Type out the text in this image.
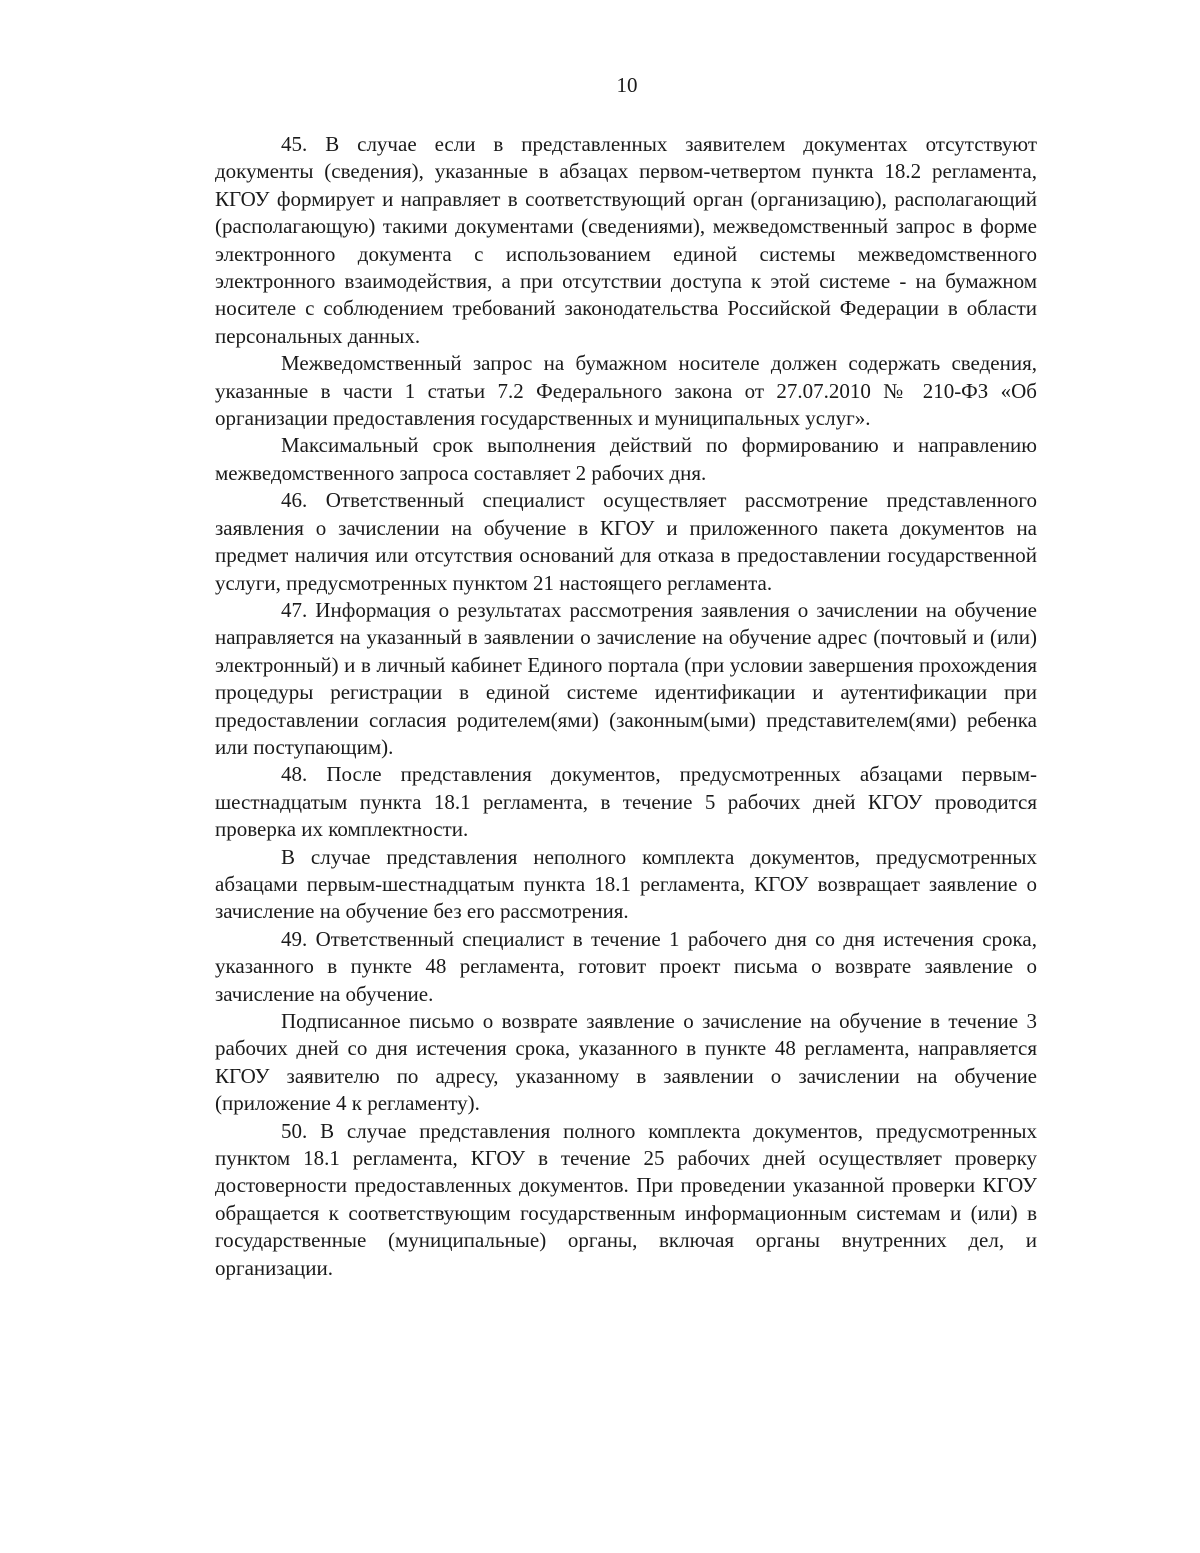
10

45. В случае если в представленных заявителем документах отсутствуют документы (сведения), указанные в абзацах первом-четвертом пункта 18.2 регламента, КГОУ формирует и направляет в соответствующий орган (организацию), располагающий (располагающую) такими документами (сведениями), межведомственный запрос в форме электронного документа с использованием единой системы межведомственного электронного взаимодействия, а при отсутствии доступа к этой системе - на бумажном носителе с соблюдением требований законодательства Российской Федерации в области персональных данных.

Межведомственный запрос на бумажном носителе должен содержать сведения, указанные в части 1 статьи 7.2 Федерального закона от 27.07.2010 № 210-ФЗ «Об организации предоставления государственных и муниципальных услуг».

Максимальный срок выполнения действий по формированию и направлению межведомственного запроса составляет 2 рабочих дня.

46. Ответственный специалист осуществляет рассмотрение представленного заявления о зачислении на обучение в КГОУ и приложенного пакета документов на предмет наличия или отсутствия оснований для отказа в предоставлении государственной услуги, предусмотренных пунктом 21 настоящего регламента.

47. Информация о результатах рассмотрения заявления о зачислении на обучение направляется на указанный в заявлении о зачисление на обучение адрес (почтовый и (или) электронный) и в личный кабинет Единого портала (при условии завершения прохождения процедуры регистрации в единой системе идентификации и аутентификации при предоставлении согласия родителем(ями) (законным(ыми) представителем(ями) ребенка или поступающим).

48. После представления документов, предусмотренных абзацами первым-шестнадцатым пункта 18.1 регламента, в течение 5 рабочих дней КГОУ проводится проверка их комплектности.

В случае представления неполного комплекта документов, предусмотренных абзацами первым-шестнадцатым пункта 18.1 регламента, КГОУ возвращает заявление о зачисление на обучение без его рассмотрения.

49. Ответственный специалист в течение 1 рабочего дня со дня истечения срока, указанного в пункте 48 регламента, готовит проект письма о возврате заявление о зачисление на обучение.

Подписанное письмо о возврате заявление о зачисление на обучение в течение 3 рабочих дней со дня истечения срока, указанного в пункте 48 регламента, направляется КГОУ заявителю по адресу, указанному в заявлении о зачислении на обучение (приложение 4 к регламенту).

50. В случае представления полного комплекта документов, предусмотренных пунктом 18.1 регламента, КГОУ в течение 25 рабочих дней осуществляет проверку достоверности предоставленных документов. При проведении указанной проверки КГОУ обращается к соответствующим государственным информационным системам и (или) в государственные (муниципальные) органы, включая органы внутренних дел, и организации.
